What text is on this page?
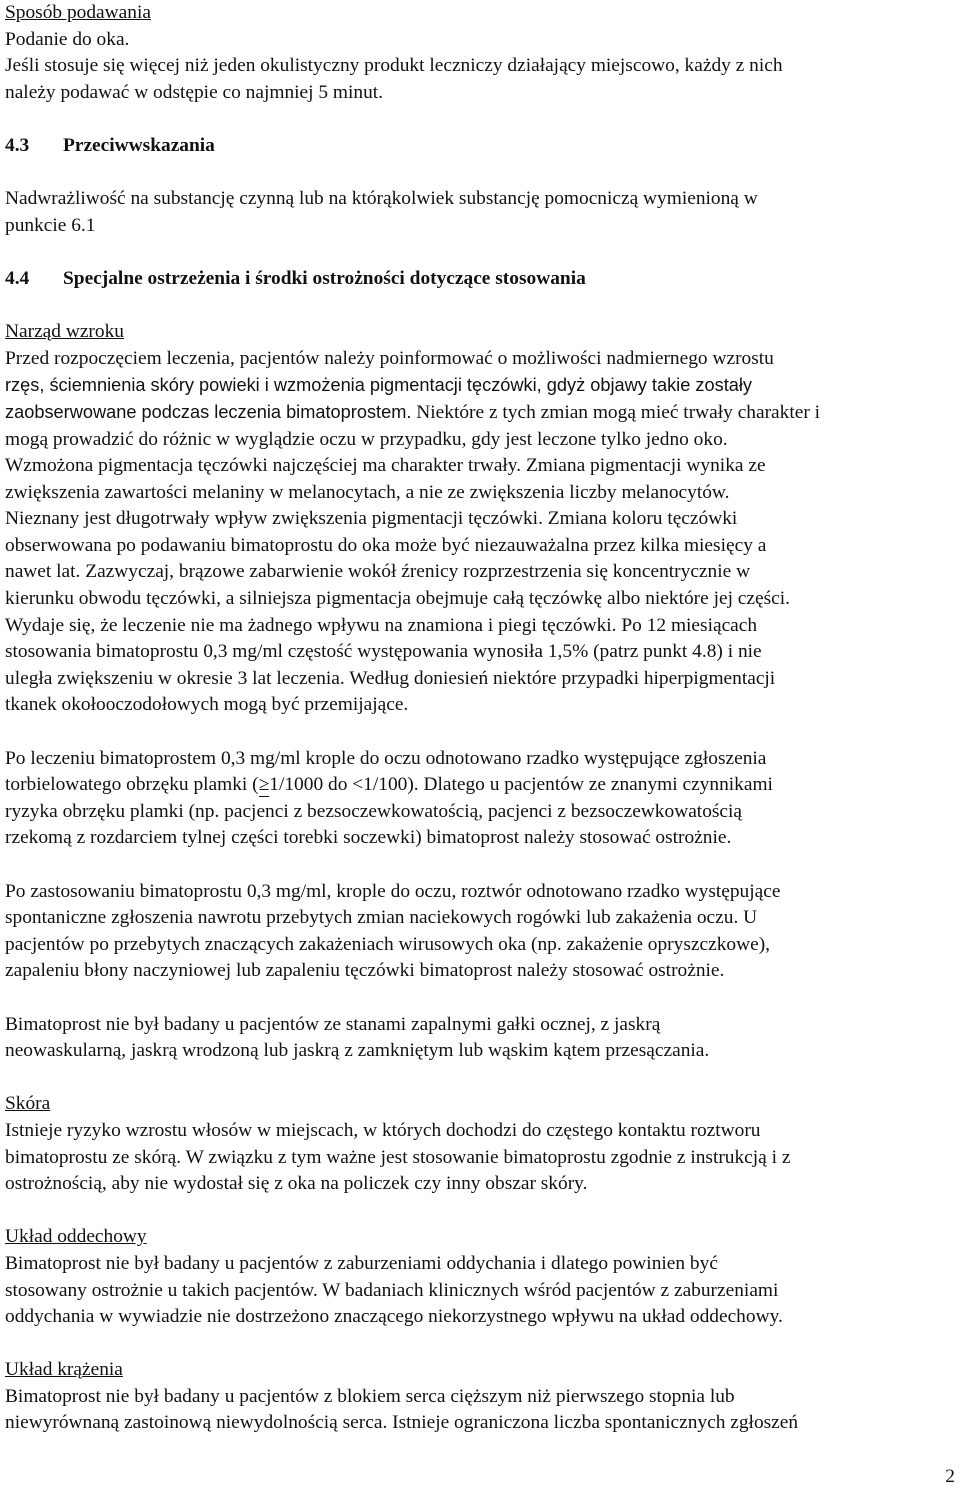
Sposób podawania
Podanie do oka.
Jeśli stosuje się więcej niż jeden okulistyczny produkt leczniczy działający miejscowo, każdy z nich
należy podawać w odstępie co najmniej 5 minut.
4.3 Przeciwwskazania
Nadwrażliwość na substancję czynną lub na którąkolwiek substancję pomocniczą wymienioną w
punkcie 6.1
4.4 Specjalne ostrzeżenia i środki ostrożności dotyczące stosowania
Narząd wzroku
Przed rozpoczęciem leczenia, pacjentów należy poinformować o możliwości nadmiernego wzrostu
rzęs, ściemnienia skóry powieki i wzmożenia pigmentacji tęczówki, gdyż objawy takie zostały
zaobserwowane podczas leczenia bimatoprostem. Niektóre z tych zmian mogą mieć trwały charakter i
mogą prowadzić do różnic w wyglądzie oczu w przypadku, gdy jest leczone tylko jedno oko.
Wzmożona pigmentacja tęczówki najczęściej ma charakter trwały. Zmiana pigmentacji wynika ze
zwiększenia zawartości melaniny w melanocytach, a nie ze zwiększenia liczby melanocytów.
Nieznany jest długotrwały wpływ zwiększenia pigmentacji tęczówki. Zmiana koloru tęczówki
obserwowana po podawaniu bimatoprostu do oka może być niezauważalna przez kilka miesięcy a
nawet lat. Zazwyczaj, brązowe zabarwienie wokół źrenicy rozprzestrzenia się koncentrycznie w
kierunku obwodu tęczówki, a silniejsza pigmentacja obejmuje całą tęczówkę albo niektóre jej części.
Wydaje się, że leczenie nie ma żadnego wpływu na znamiona i piegi tęczówki. Po 12 miesiącach
stosowania bimatoprostu 0,3 mg/ml częstość występowania wynosiła 1,5% (patrz punkt 4.8) i nie
uległa zwiększeniu w okresie 3 lat leczenia. Według doniesień niektóre przypadki hiperpigmentacji
tkanek okołooczodołowych mogą być przemijające.
Po leczeniu bimatoprostem 0,3 mg/ml krople do oczu odnotowano rzadko występujące zgłoszenia
torbielowatego obrzęku plamki (≥1/1000 do <1/100). Dlatego u pacjentów ze znanymi czynnikami
ryzyka obrzęku plamki (np. pacjenci z bezsoczewkowatością, pacjenci z bezsoczewkowatością
rzekomą z rozdarciem tylnej części torebki soczewki) bimatoprost należy stosować ostrożnie.
Po zastosowaniu bimatoprostu 0,3 mg/ml, krople do oczu, roztwór odnotowano rzadko występujące
spontaniczne zgłoszenia nawrotu przebytych zmian naciekowych rogówki lub zakażenia oczu. U
pacjentów po przebytych znaczących zakażeniach wirusowych oka (np. zakażenie opryszczkowe),
zapaleniu błony naczyniowej lub zapaleniu tęczówki bimatoprost należy stosować ostrożnie.
Bimatoprost nie był badany u pacjentów ze stanami zapalnymi gałki ocznej, z jaskrą
neowaskularną, jaskrą wrodzoną lub jaskrą z zamkniętym lub wąskim kątem przesączania.
Skóra
Istnieje ryzyko wzrostu włosów w miejscach, w których dochodzi do częstego kontaktu roztworu
bimatoprostu ze skórą. W związku z tym ważne jest stosowanie bimatoprostu zgodnie z instrukcją i z
ostrożnością, aby nie wydostał się z oka na policzek czy inny obszar skóry.
Układ oddechowy
Bimatoprost nie był badany u pacjentów z zaburzeniami oddychania i dlatego powinien być
stosowany ostrożnie u takich pacjentów. W badaniach klinicznych wśród pacjentów z zaburzeniami
oddychania w wywiadzie nie dostrzeżono znaczącego niekorzystnego wpływu na układ oddechowy.
Układ krążenia
Bimatoprost nie był badany u pacjentów z blokiem serca cięższym niż pierwszego stopnia lub
niewyrównaną zastoinową niewydolnością serca. Istnieje ograniczona liczba spontanicznych zgłoszeń
2
